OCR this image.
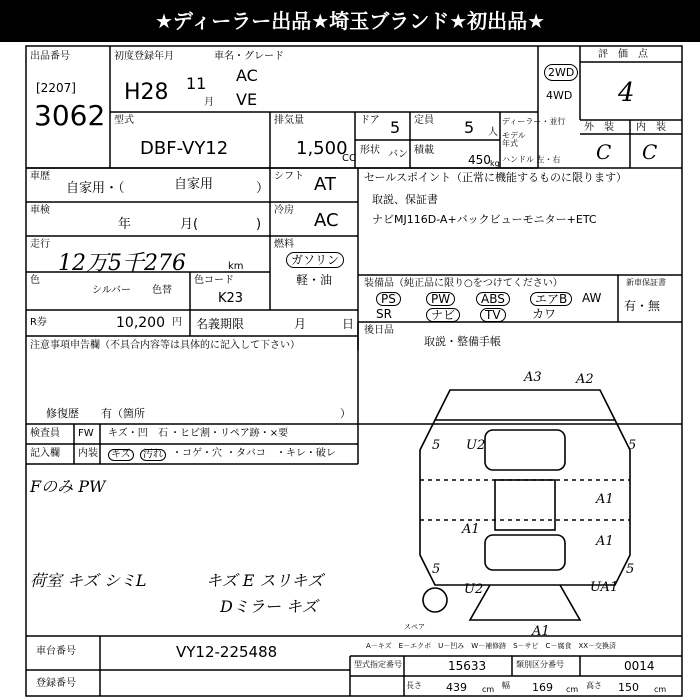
★ディーラー出品★埼玉ブランド★初出品★
出品番号
[2207]
3062
初度登録年月
H28 11
月
車名・グレード
AC
VE
2WD
4WD
評　価　点
4
外　装 内　装
C C
型式
DBF-VY12
排気量
1,500
CC
ドア 5 定員 5 人
形状 バン 積載
450 kg
ディーラー・並行
モデル年式
ハンドル 左・右
車歴
自家用・（	自家用	）
シフト AT	セールスポイント（正常に機能するものに限ります）
取説、保証書
ナビMJ116D-A+バックビューモニター+ETC
車検
年	月(	)
冷房 AC
走行
12万5千276	km
燃料
ガソリン
軽・油
色
シルバー 色替
色コード
K23
R券	10,200 円 名義期限	月	日
装備品（純正品に限り○をつけてください）	新車保証書
有・無
PS	PW	ABS	エアB	AW
SR	ナビ	TV	カワ
注意事項申告欄（不具合内容等は具体的に記入して下さい）
修復歴　　有（箇所	）
後日品
取説・整備手帳
検査員
記入欄
FW キズ・凹 石 ・ヒビ割・リペア跡・×要
内装	キズ	汚れ ・コゲ・穴 ・タバコ ・キレ・破レ
Fのみ PW
荷室 キズ シミL	キズ E スリキズ
Dミラー キズ
A3	A2
5 U2	5
5
A1
A1
A1
5
U2	UA1
A1
スペア
A－キズ　E－エクボ　U－凹み　W－補修跡　S－サビ　C－腐食　XX－交換済
車台番号	VY12-225488
登録番号
型式指定番号	15633	類別区分番号	0014
長さ 439 cm 幅 169 cm 高さ 150 cm
